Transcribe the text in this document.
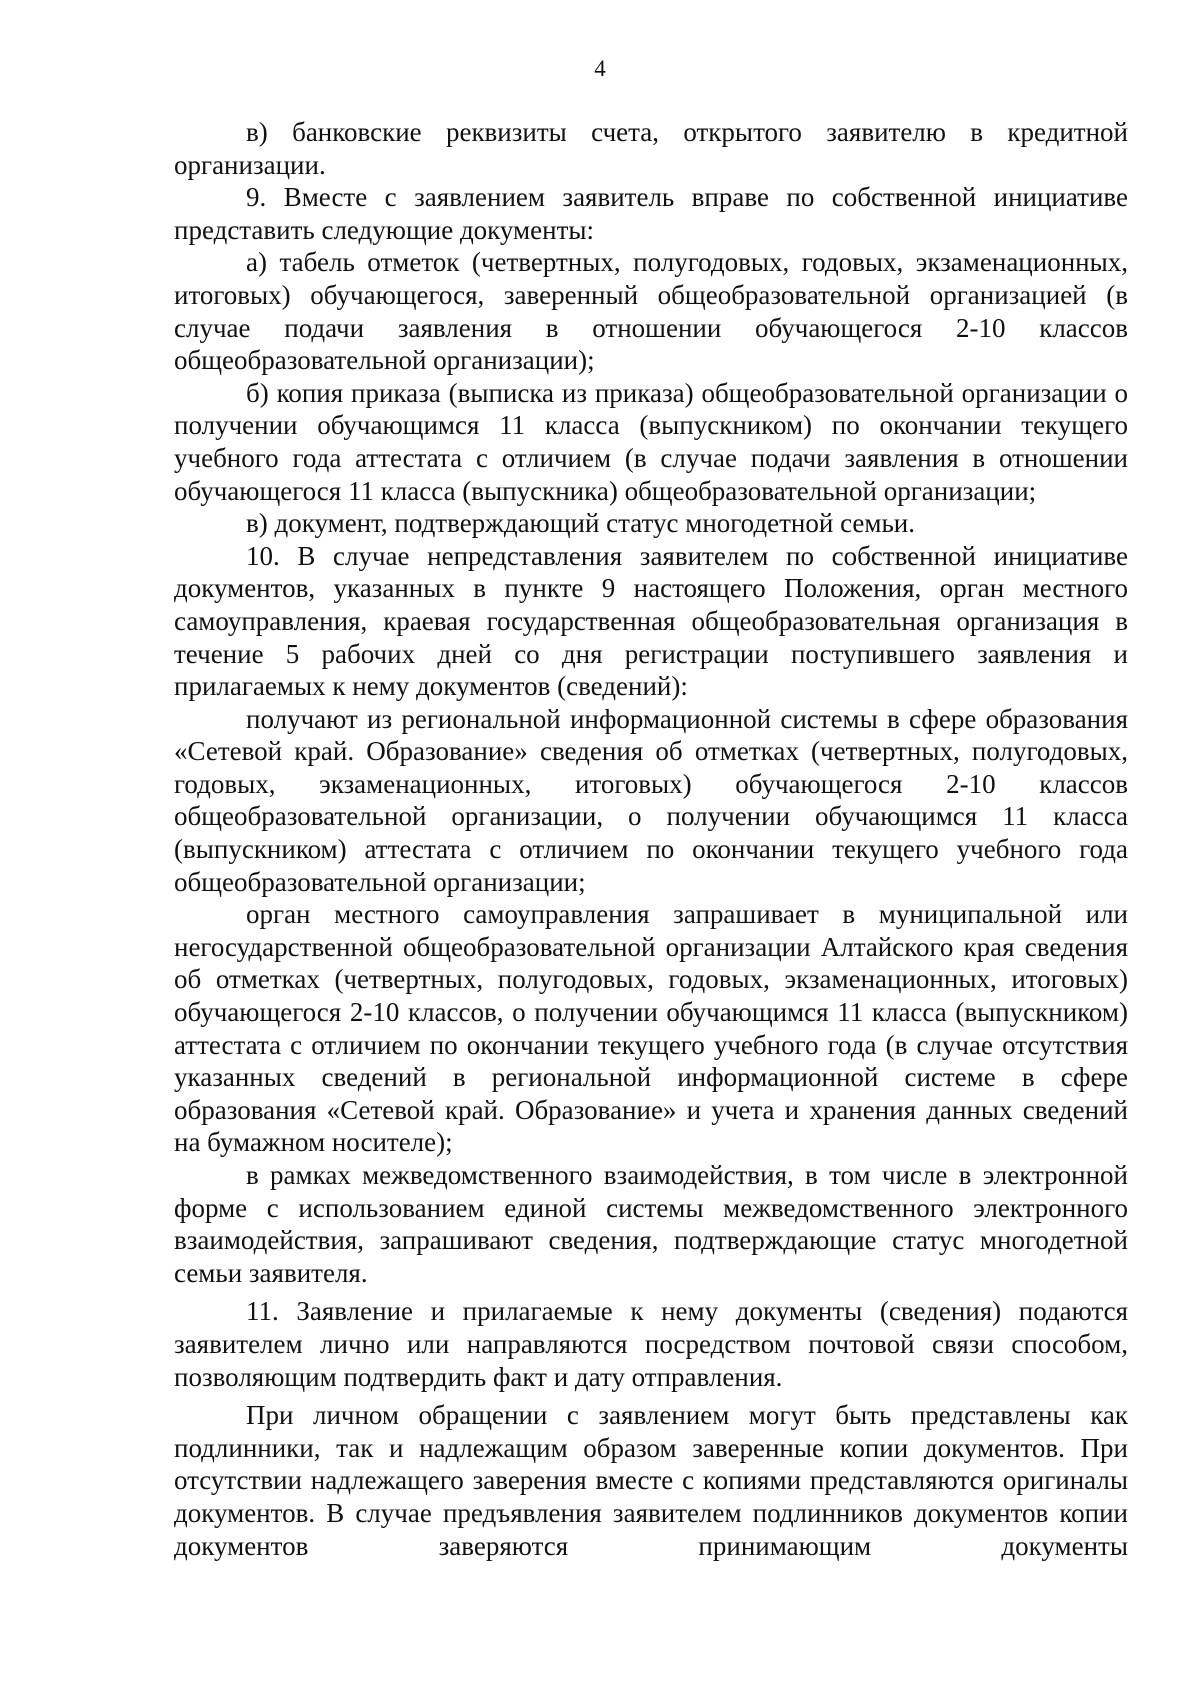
4

в) банковские реквизиты счета, открытого заявителю в кредитной организации.

9. Вместе с заявлением заявитель вправе по собственной инициативе представить следующие документы:

а) табель отметок (четвертных, полугодовых, годовых, экзаменационных, итоговых) обучающегося, заверенный общеобразовательной организацией (в случае подачи заявления в отношении обучающегося 2-10 классов общеобразовательной организации);

б) копия приказа (выписка из приказа) общеобразовательной организации о получении обучающимся 11 класса (выпускником) по окончании текущего учебного года аттестата с отличием (в случае подачи заявления в отношении обучающегося 11 класса (выпускника) общеобразовательной организации;

в) документ, подтверждающий статус многодетной семьи.

10. В случае непредставления заявителем по собственной инициативе документов, указанных в пункте 9 настоящего Положения, орган местного самоуправления, краевая государственная общеобразовательная организация в течение 5 рабочих дней со дня регистрации поступившего заявления и прилагаемых к нему документов (сведений):

получают из региональной информационной системы в сфере образования «Сетевой край. Образование» сведения об отметках (четвертных, полугодовых, годовых, экзаменационных, итоговых) обучающегося 2-10 классов общеобразовательной организации, о получении обучающимся 11 класса (выпускником) аттестата с отличием по окончании текущего учебного года общеобразовательной организации;

орган местного самоуправления запрашивает в муниципальной или негосударственной общеобразовательной организации Алтайского края сведения об отметках (четвертных, полугодовых, годовых, экзаменационных, итоговых) обучающегося 2-10 классов, о получении обучающимся 11 класса (выпускником) аттестата с отличием по окончании текущего учебного года (в случае отсутствия указанных сведений в региональной информационной системе в сфере образования «Сетевой край. Образование» и учета и хранения данных сведений на бумажном носителе);

в рамках межведомственного взаимодействия, в том числе в электронной форме с использованием единой системы межведомственного электронного взаимодействия, запрашивают сведения, подтверждающие статус многодетной семьи заявителя.

11. Заявление и прилагаемые к нему документы (сведения) подаются заявителем лично или направляются посредством почтовой связи способом, позволяющим подтвердить факт и дату отправления.

При личном обращении с заявлением могут быть представлены как подлинники, так и надлежащим образом заверенные копии документов. При отсутствии надлежащего заверения вместе с копиями представляются оригиналы документов. В случае предъявления заявителем подлинников документов копии документов заверяются принимающим документы
